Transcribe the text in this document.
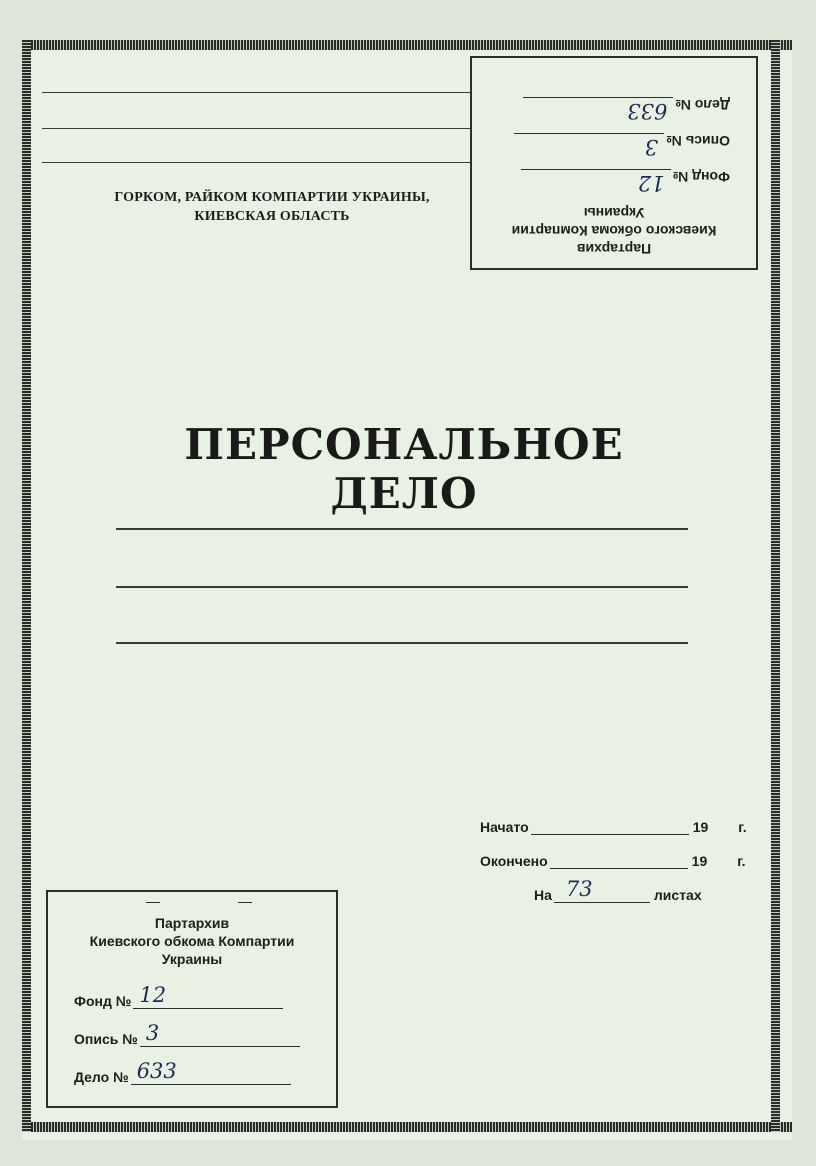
ГОРКОМ, РАЙКОМ КОМПАРТИИ УКРАИНЫ,
КИЕВСКАЯ ОБЛАСТЬ
Партархив
Киевского обкома Компартии
Украины
Фонд №
12
Опись №
3
Дело №
633
ПЕРСОНАЛЬНОЕ ДЕЛО
Начато	19 г.
Окончено	19 г.
На 73	листах
Партархив
Киевского обкома Компартии
Украины
Фонд № 12
Опись № 3
Дело № 633
